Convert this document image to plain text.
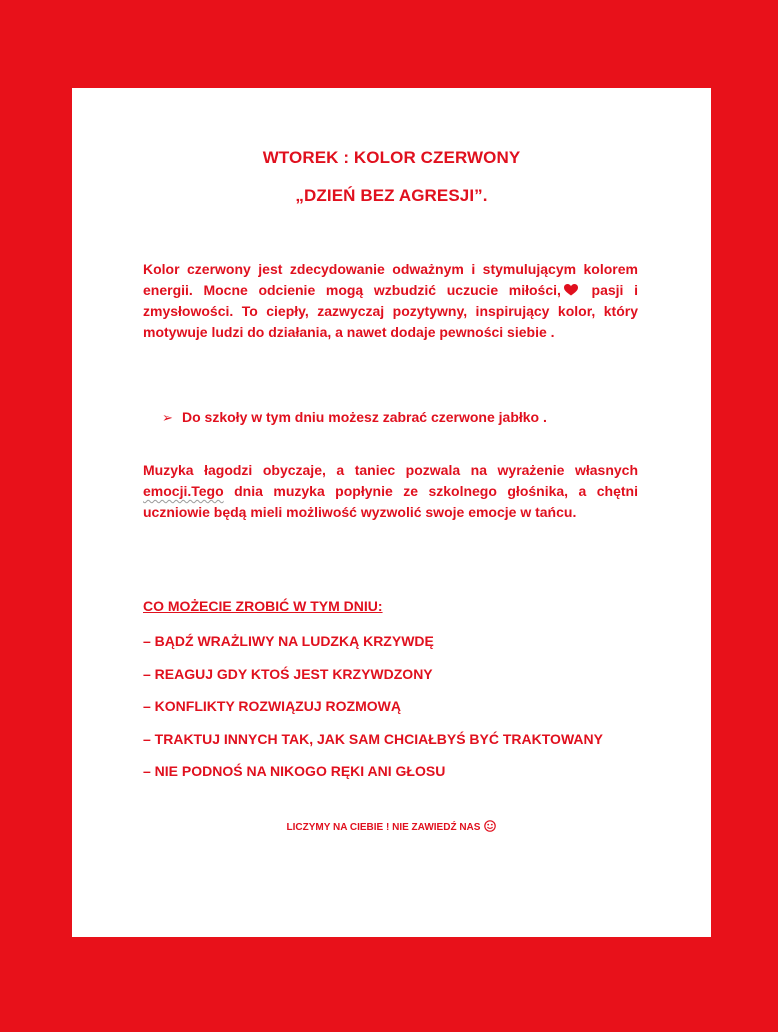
WTOREK : KOLOR CZERWONY
„DZIEŃ BEZ AGRESJI”.
Kolor czerwony jest zdecydowanie odważnym i stymulującym kolorem energii. Mocne odcienie mogą wzbudzić uczucie miłości, pasji i zmysłowości. To ciepły, zazwyczaj pozytywny, inspirujący kolor, który motywuje ludzi do działania, a nawet dodaje pewności siebie .
➢ Do szkoły w tym dniu możesz zabrać czerwone jabłko .
Muzyka łagodzi obyczaje, a taniec pozwala na wyrażenie własnych emocji.Tego dnia muzyka popłynie ze szkolnego głośnika, a chętni uczniowie będą mieli możliwość wyzwolić swoje emocje w tańcu.
CO MOŻECIE ZROBIĆ W TYM DNIU:
– BĄDŹ WRAŻLIWY NA LUDZKĄ KRZYWDĘ
– REAGUJ GDY KTOŚ JEST KRZYWDZONY
– KONFLIKTY ROZWIĄZUJ ROZMOWĄ
– TRAKTUJ INNYCH TAK, JAK SAM CHCIAŁBYŚ BYĆ TRAKTOWANY
– NIE PODNOŚ NA NIKOGO RĘKI ANI GŁOSU
LICZYMY NA CIEBIE ! NIE ZAWIEDŹ NAS
